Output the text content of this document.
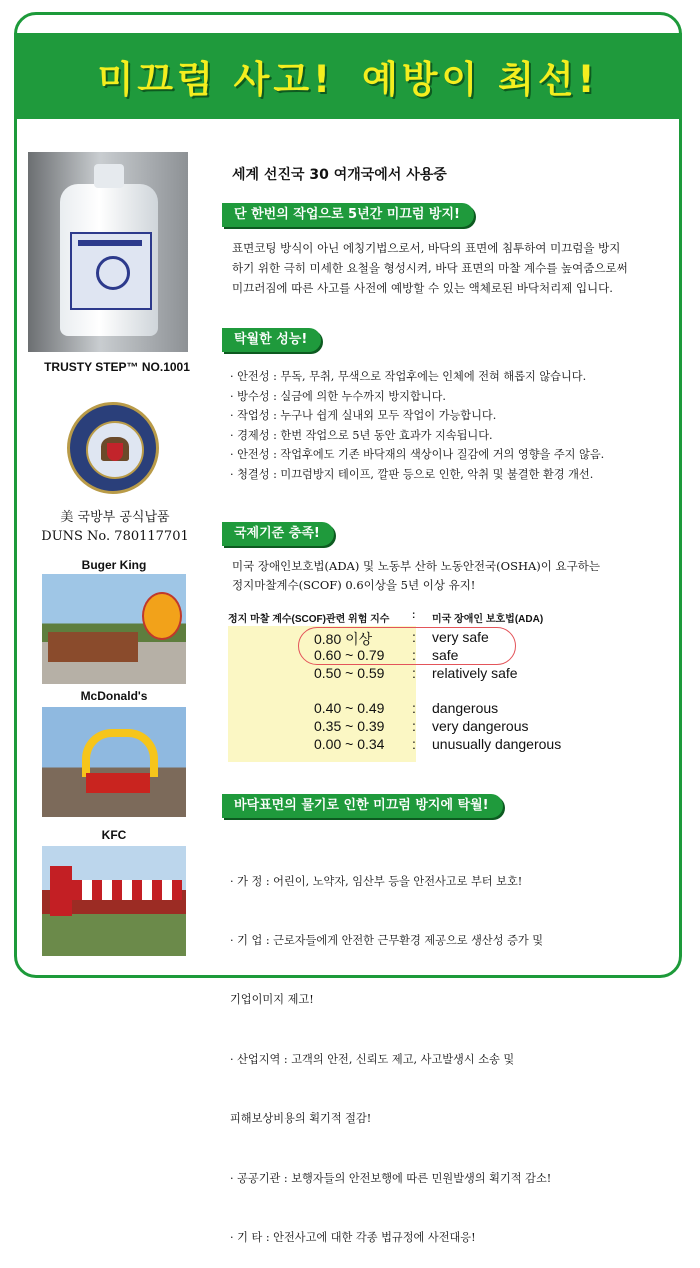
미끄럼 사고! 예방이 최선!
TRUSTY STEP™ NO.1001
美 국방부 공식납품
DUNS No. 780117701
Buger King
McDonald's
KFC
세계 선진국 30 여개국에서 사용중
단 한번의 작업으로 5년간 미끄럼 방지!
표면코팅 방식이 아닌 에칭기법으로서, 바닥의 표면에 침투하여 미끄럼을 방지
하기 위한 극히 미세한 요철을 형성시켜, 바닥 표면의 마찰 계수를 높여줌으로써
미끄러짐에 따른 사고를 사전에 예방할 수 있는 액체로된 바닥처리제 입니다.
탁월한 성능!
· 안전성 : 무독, 무취, 무색으로 작업후에는 인체에 전혀 해롭지 않습니다.
· 방수성 : 실금에 의한 누수까지 방지합니다.
· 작업성 : 누구나 쉽게 실내외 모두 작업이 가능합니다.
· 경제성 : 한번 작업으로 5년 동안 효과가 지속됩니다.
· 안전성 : 작업후에도 기존 바닥재의 색상이나 질감에 거의 영향을 주지 않음.
· 청결성 : 미끄럼방지 테이프, 깔판 등으로 인한, 악취 및 불결한 환경 개선.
국제기준 충족!
미국 장애인보호법(ADA) 및 노동부 산하 노동안전국(OSHA)이 요구하는
정지마찰계수(SCOF) 0.6이상을 5년 이상 유지!
정지 마찰 계수(SCOF)관련 위험 지수 : 미국 장애인 보호법(ADA)
0.80 이상	: very safe
0.60 ~ 0.79 : safe
0.50 ~ 0.59 : relatively safe
0.40 ~ 0.49 : dangerous
0.35 ~ 0.39 : very dangerous
0.00 ~ 0.34 : unusually dangerous
바닥표면의 물기로 인한 미끄럼 방지에 탁월!

· 가 정 : 어린이, 노약자, 임산부 등을 안전사고로 부터 보호!

· 기 업 : 근로자들에게 안전한 근무환경 제공으로 생산성 증가 및

기업이미지 제고!

· 산업지역 : 고객의 안전, 신뢰도 제고, 사고발생시 소송 및

피해보상비용의 획기적 절감!

· 공공기관 : 보행자들의 안전보행에 따른 민원발생의 획기적 감소!

· 기 타 : 안전사고에 대한 각종 법규정에 사전대응!
